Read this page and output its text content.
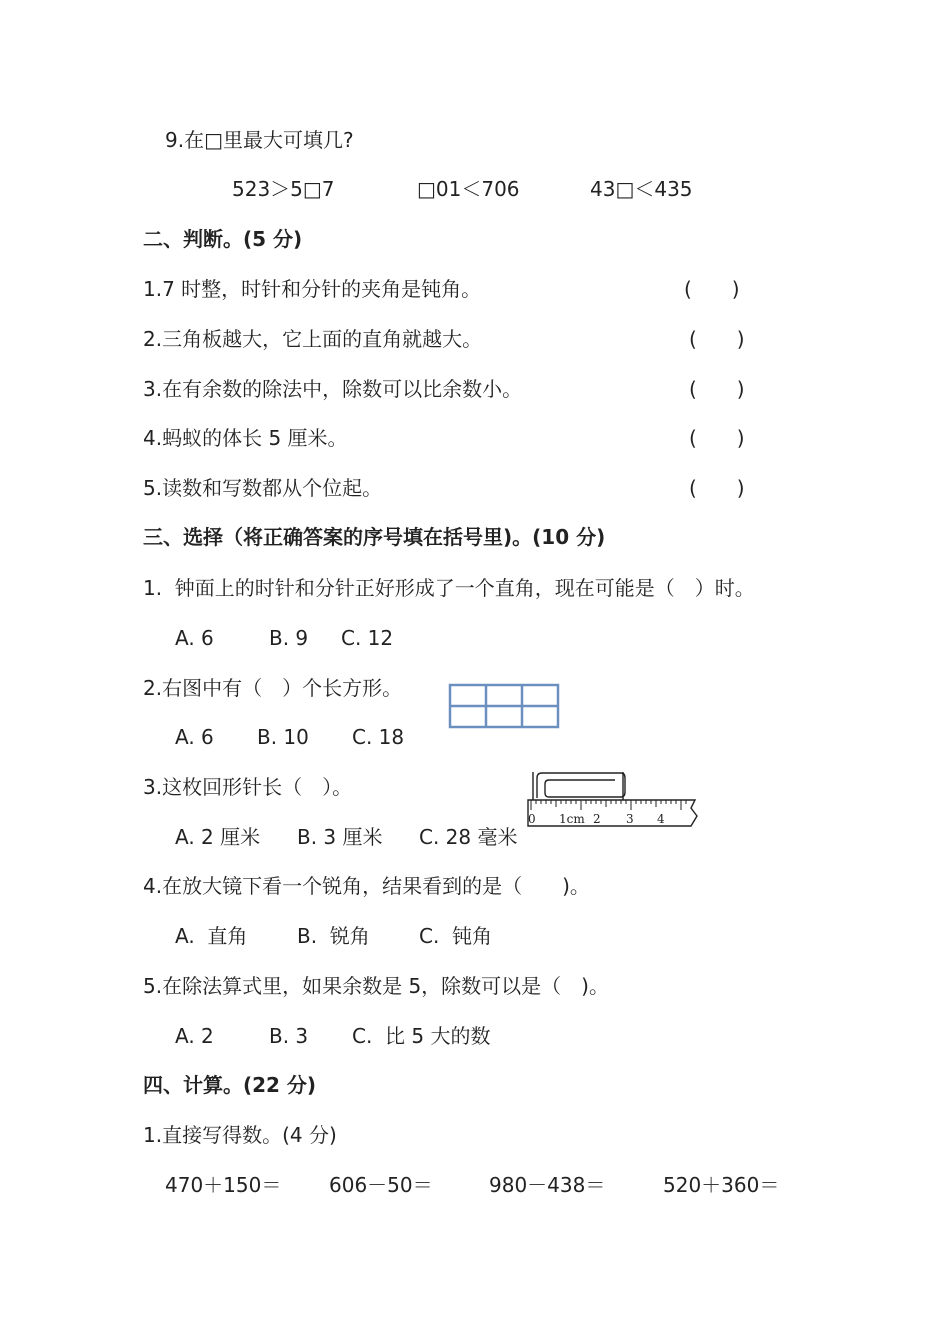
9.在□里最大可填几?
523＞5□7	□01＜706	43□＜435
二、判断。(5 分)
1.7 时整，时针和分针的夹角是钝角。	(　　)
2.三角板越大，它上面的直角就越大。	(　　)
3.在有余数的除法中，除数可以比余数小。	(　　)
4.蚂蚁的体长 5 厘米。	(　　)
5.读数和写数都从个位起。	(　　)
三、选择（将正确答案的序号填在括号里)。(10 分)
1.  钟面上的时针和分针正好形成了一个直角，现在可能是（　）时。
A. 6	B. 9 C. 12
2.右图中有（　）个长方形。
A. 6 B. 10 C. 18
3.这枚回形针长（　）。
0 1cm 2 3 4
A. 2 厘米 B. 3 厘米 C. 28 毫米
4.在放大镜下看一个锐角，结果看到的是（　　)。
A.  直角 B.  锐角 C.  钝角
5.在除法算式里，如果余数是 5，除数可以是（　)。
A. 2	B. 3 C.  比 5 大的数
四、计算。(22 分)
1.直接写得数。(4 分)
470＋150＝ 606－50＝	980－438＝	520＋360＝
